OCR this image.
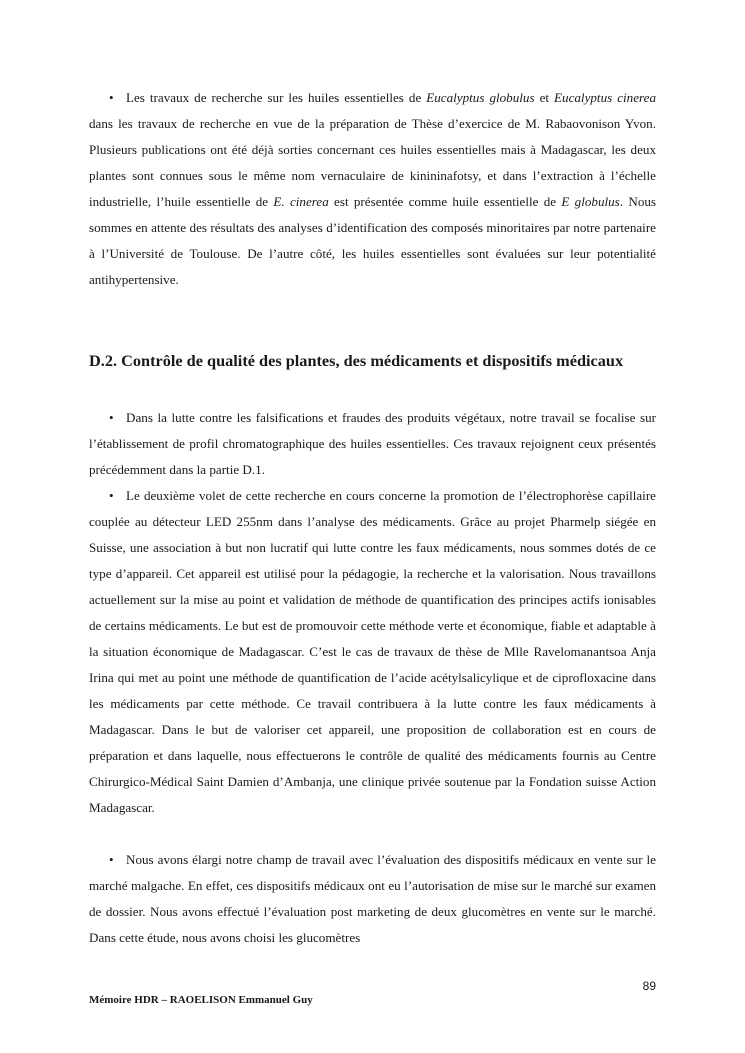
• Les travaux de recherche sur les huiles essentielles de Eucalyptus globulus et Eucalyptus cinerea dans les travaux de recherche en vue de la préparation de Thèse d’exercice de M. Rabaovonison Yvon. Plusieurs publications ont été déjà sorties concernant ces huiles essentielles mais à Madagascar, les deux plantes sont connues sous le même nom vernaculaire de kinininafotsy, et dans l’extraction à l’échelle industrielle, l’huile essentielle de E. cinerea est présentée comme huile essentielle de E globulus. Nous sommes en attente des résultats des analyses d’identification des composés minoritaires par notre partenaire à l’Université de Toulouse. De l’autre côté, les huiles essentielles sont évaluées sur leur potentialité antihypertensive.

D.2. Contrôle de qualité des plantes, des médicaments et dispositifs médicaux

• Dans la lutte contre les falsifications et fraudes des produits végétaux, notre travail se focalise sur l’établissement de profil chromatographique des huiles essentielles. Ces travaux rejoignent ceux présentés précédemment dans la partie D.1.

• Le deuxième volet de cette recherche en cours concerne la promotion de l’électrophorèse capillaire couplée au détecteur LED 255nm dans l’analyse des médicaments. Grâce au projet Pharmelp siégée en Suisse, une association à but non lucratif qui lutte contre les faux médicaments, nous sommes dotés de ce type d’appareil. Cet appareil est utilisé pour la pédagogie, la recherche et la valorisation. Nous travaillons actuellement sur la mise au point et validation de méthode de quantification des principes actifs ionisables de certains médicaments. Le but est de promouvoir cette méthode verte et économique, fiable et adaptable à la situation économique de Madagascar. C’est le cas de travaux de thèse de Mlle Ravelomanantsoa Anja Irina qui met au point une méthode de quantification de l’acide acétylsalicylique et de ciprofloxacine dans les médicaments par cette méthode. Ce travail contribuera à la lutte contre les faux médicaments à Madagascar. Dans le but de valoriser cet appareil, une proposition de collaboration est en cours de préparation et dans laquelle, nous effectuerons le contrôle de qualité des médicaments fournis au Centre Chirurgico-Médical Saint Damien d’Ambanja, une clinique privée soutenue par la Fondation suisse Action Madagascar.

• Nous avons élargi notre champ de travail avec l’évaluation des dispositifs médicaux en vente sur le marché malgache. En effet, ces dispositifs médicaux ont eu l’autorisation de mise sur le marché sur examen de dossier. Nous avons effectué l’évaluation post marketing de deux glucomètres en vente sur le marché. Dans cette étude, nous avons choisi les glucomètres

89
Mémoire HDR – RAOELISON Emmanuel Guy
